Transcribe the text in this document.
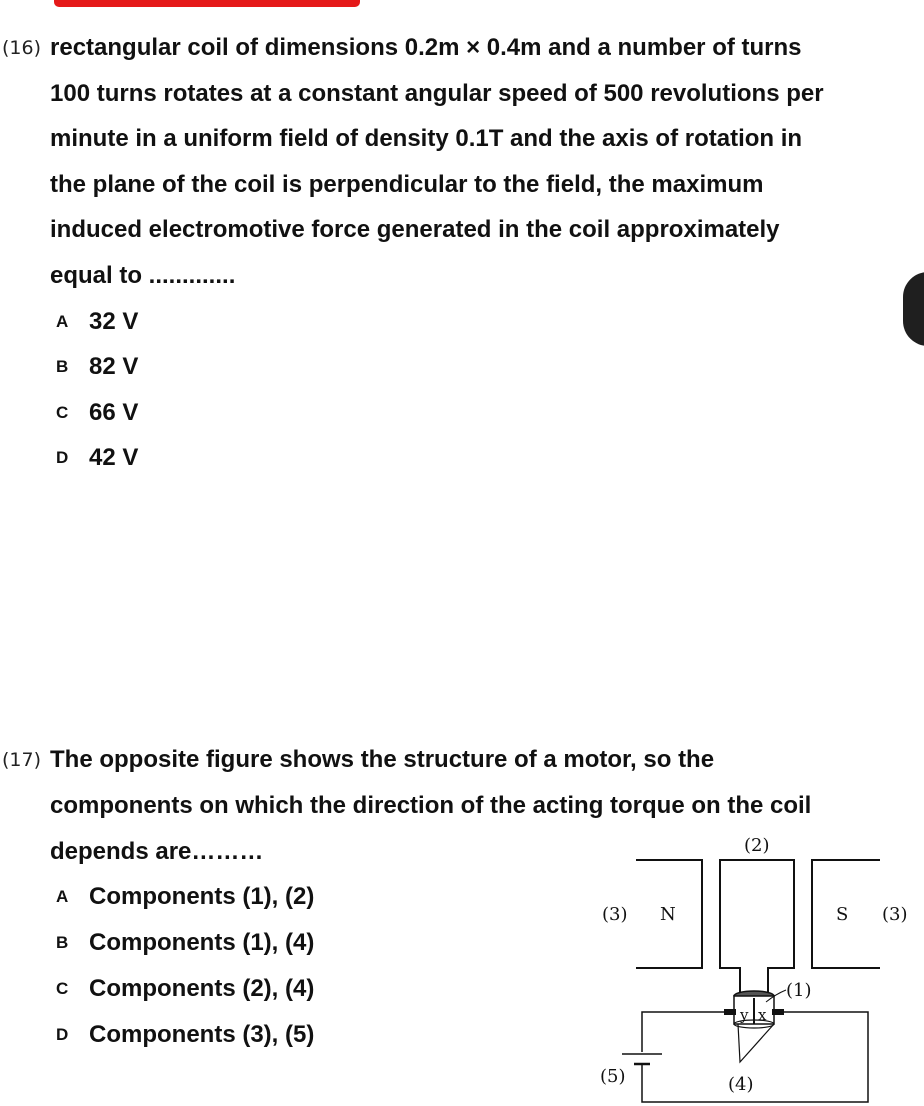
(16) rectangular coil of dimensions 0.2m × 0.4m and a number of turns

100 turns rotates at a constant angular speed of 500 revolutions per

minute in a uniform field of density 0.1T and the axis of rotation in

the plane of the coil is perpendicular to the field, the maximum

induced electromotive force generated in the coil approximately

equal to .............

A 32 V
B 82 V
C 66 V
D 42 V
(17) The opposite figure shows the structure of a motor, so the

components on which the direction of the acting torque on the coil

depends are………

A Components (1), (2)
B Components (1), (4)
C Components (2), (4)
D Components (3), (5)
(2)
(3) N	S (3)
(1)
y x
(5)	(4)
